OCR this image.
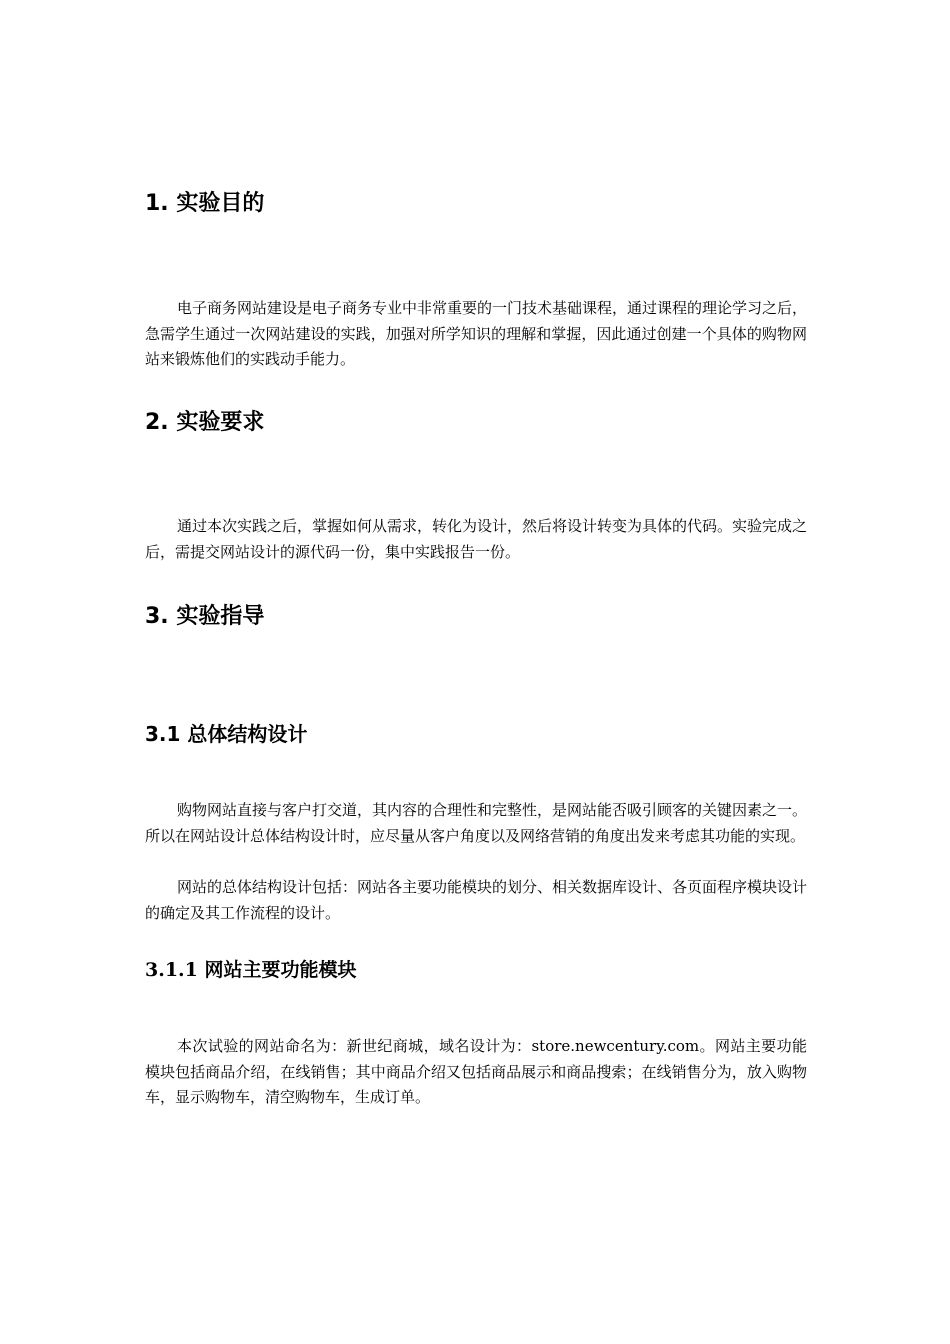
1. 实验目的

电子商务网站建设是电子商务专业中非常重要的一门技术基础课程，通过课程的理论学习之后，急需学生通过一次网站建设的实践，加强对所学知识的理解和掌握，因此通过创建一个具体的购物网站来锻炼他们的实践动手能力。

2. 实验要求

通过本次实践之后，掌握如何从需求，转化为设计，然后将设计转变为具体的代码。实验完成之后，需提交网站设计的源代码一份，集中实践报告一份。

3. 实验指导
3.1 总体结构设计

购物网站直接与客户打交道，其内容的合理性和完整性，是网站能否吸引顾客的关键因素之一。所以在网站设计总体结构设计时，应尽量从客户角度以及网络营销的角度出发来考虑其功能的实现。

网站的总体结构设计包括：网站各主要功能模块的划分、相关数据库设计、各页面程序模块设计的确定及其工作流程的设计。

3.1.1 网站主要功能模块

本次试验的网站命名为：新世纪商城，域名设计为：store.newcentury.com。网站主要功能模块包括商品介绍，在线销售；其中商品介绍又包括商品展示和商品搜索；在线销售分为，放入购物车，显示购物车，清空购物车，生成订单。
